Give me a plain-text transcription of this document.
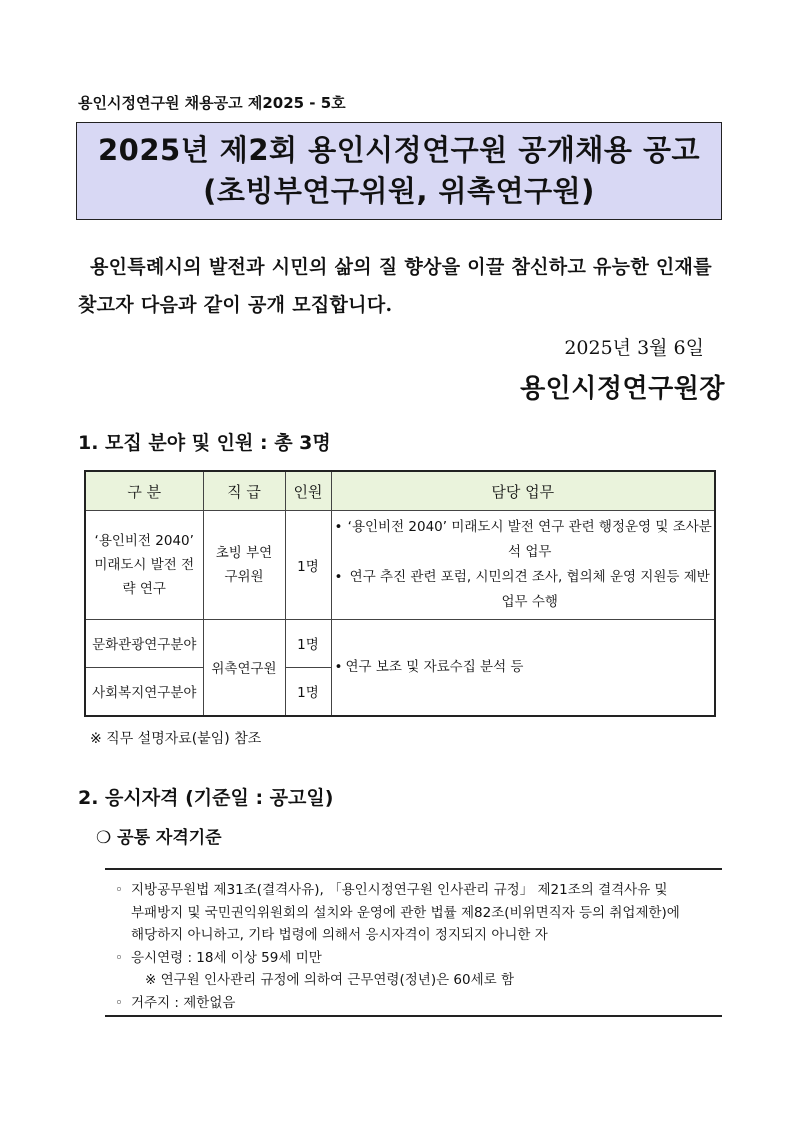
용인시정연구원 채용공고 제2025 - 5호
2025년 제2회 용인시정연구원 공개채용 공고
(초빙부연구위원, 위촉연구원)
용인특례시의 발전과 시민의 삶의 질 향상을 이끌 참신하고 유능한 인재를 찾고자 다음과 같이 공개 모집합니다.
2025년 3월 6일
용인시정연구원장
1. 모집 분야 및 인원 : 총 3명
구 분	직 급	인원	담당 업무
‘용인비전 2040’ 미래도시 발전 전략 연구	초빙 부연구위원	1명	• ‘용인비전 2040’ 미래도시 발전 연구 관련 행정운영 및 조사분석 업무
• 연구 추진 관련 포럼, 시민의견 조사, 협의체 운영 지원등 제반 업무 수행

문화관광연구분야	위촉연구원	1명	• 연구 보조 및 자료수집 분석 등

사회복지연구분야		1명	
※ 직무 설명자료(붙임) 참조
2. 응시자격 (기준일 : 공고일)
❍ 공통 자격기준
◦ 지방공무원법 제31조(결격사유), 「용인시정연구원 인사관리 규정」 제21조의 결격사유 및
부패방지 및 국민권익위원회의 설치와 운영에 관한 법률 제82조(비위면직자 등의 취업제한)에
해당하지 아니하고, 기타 법령에 의해서 응시자격이 정지되지 아니한 자
◦ 응시연령 : 18세 이상 59세 미만
※ 연구원 인사관리 규정에 의하여 근무연령(정년)은 60세로 함
◦ 거주지 : 제한없음
